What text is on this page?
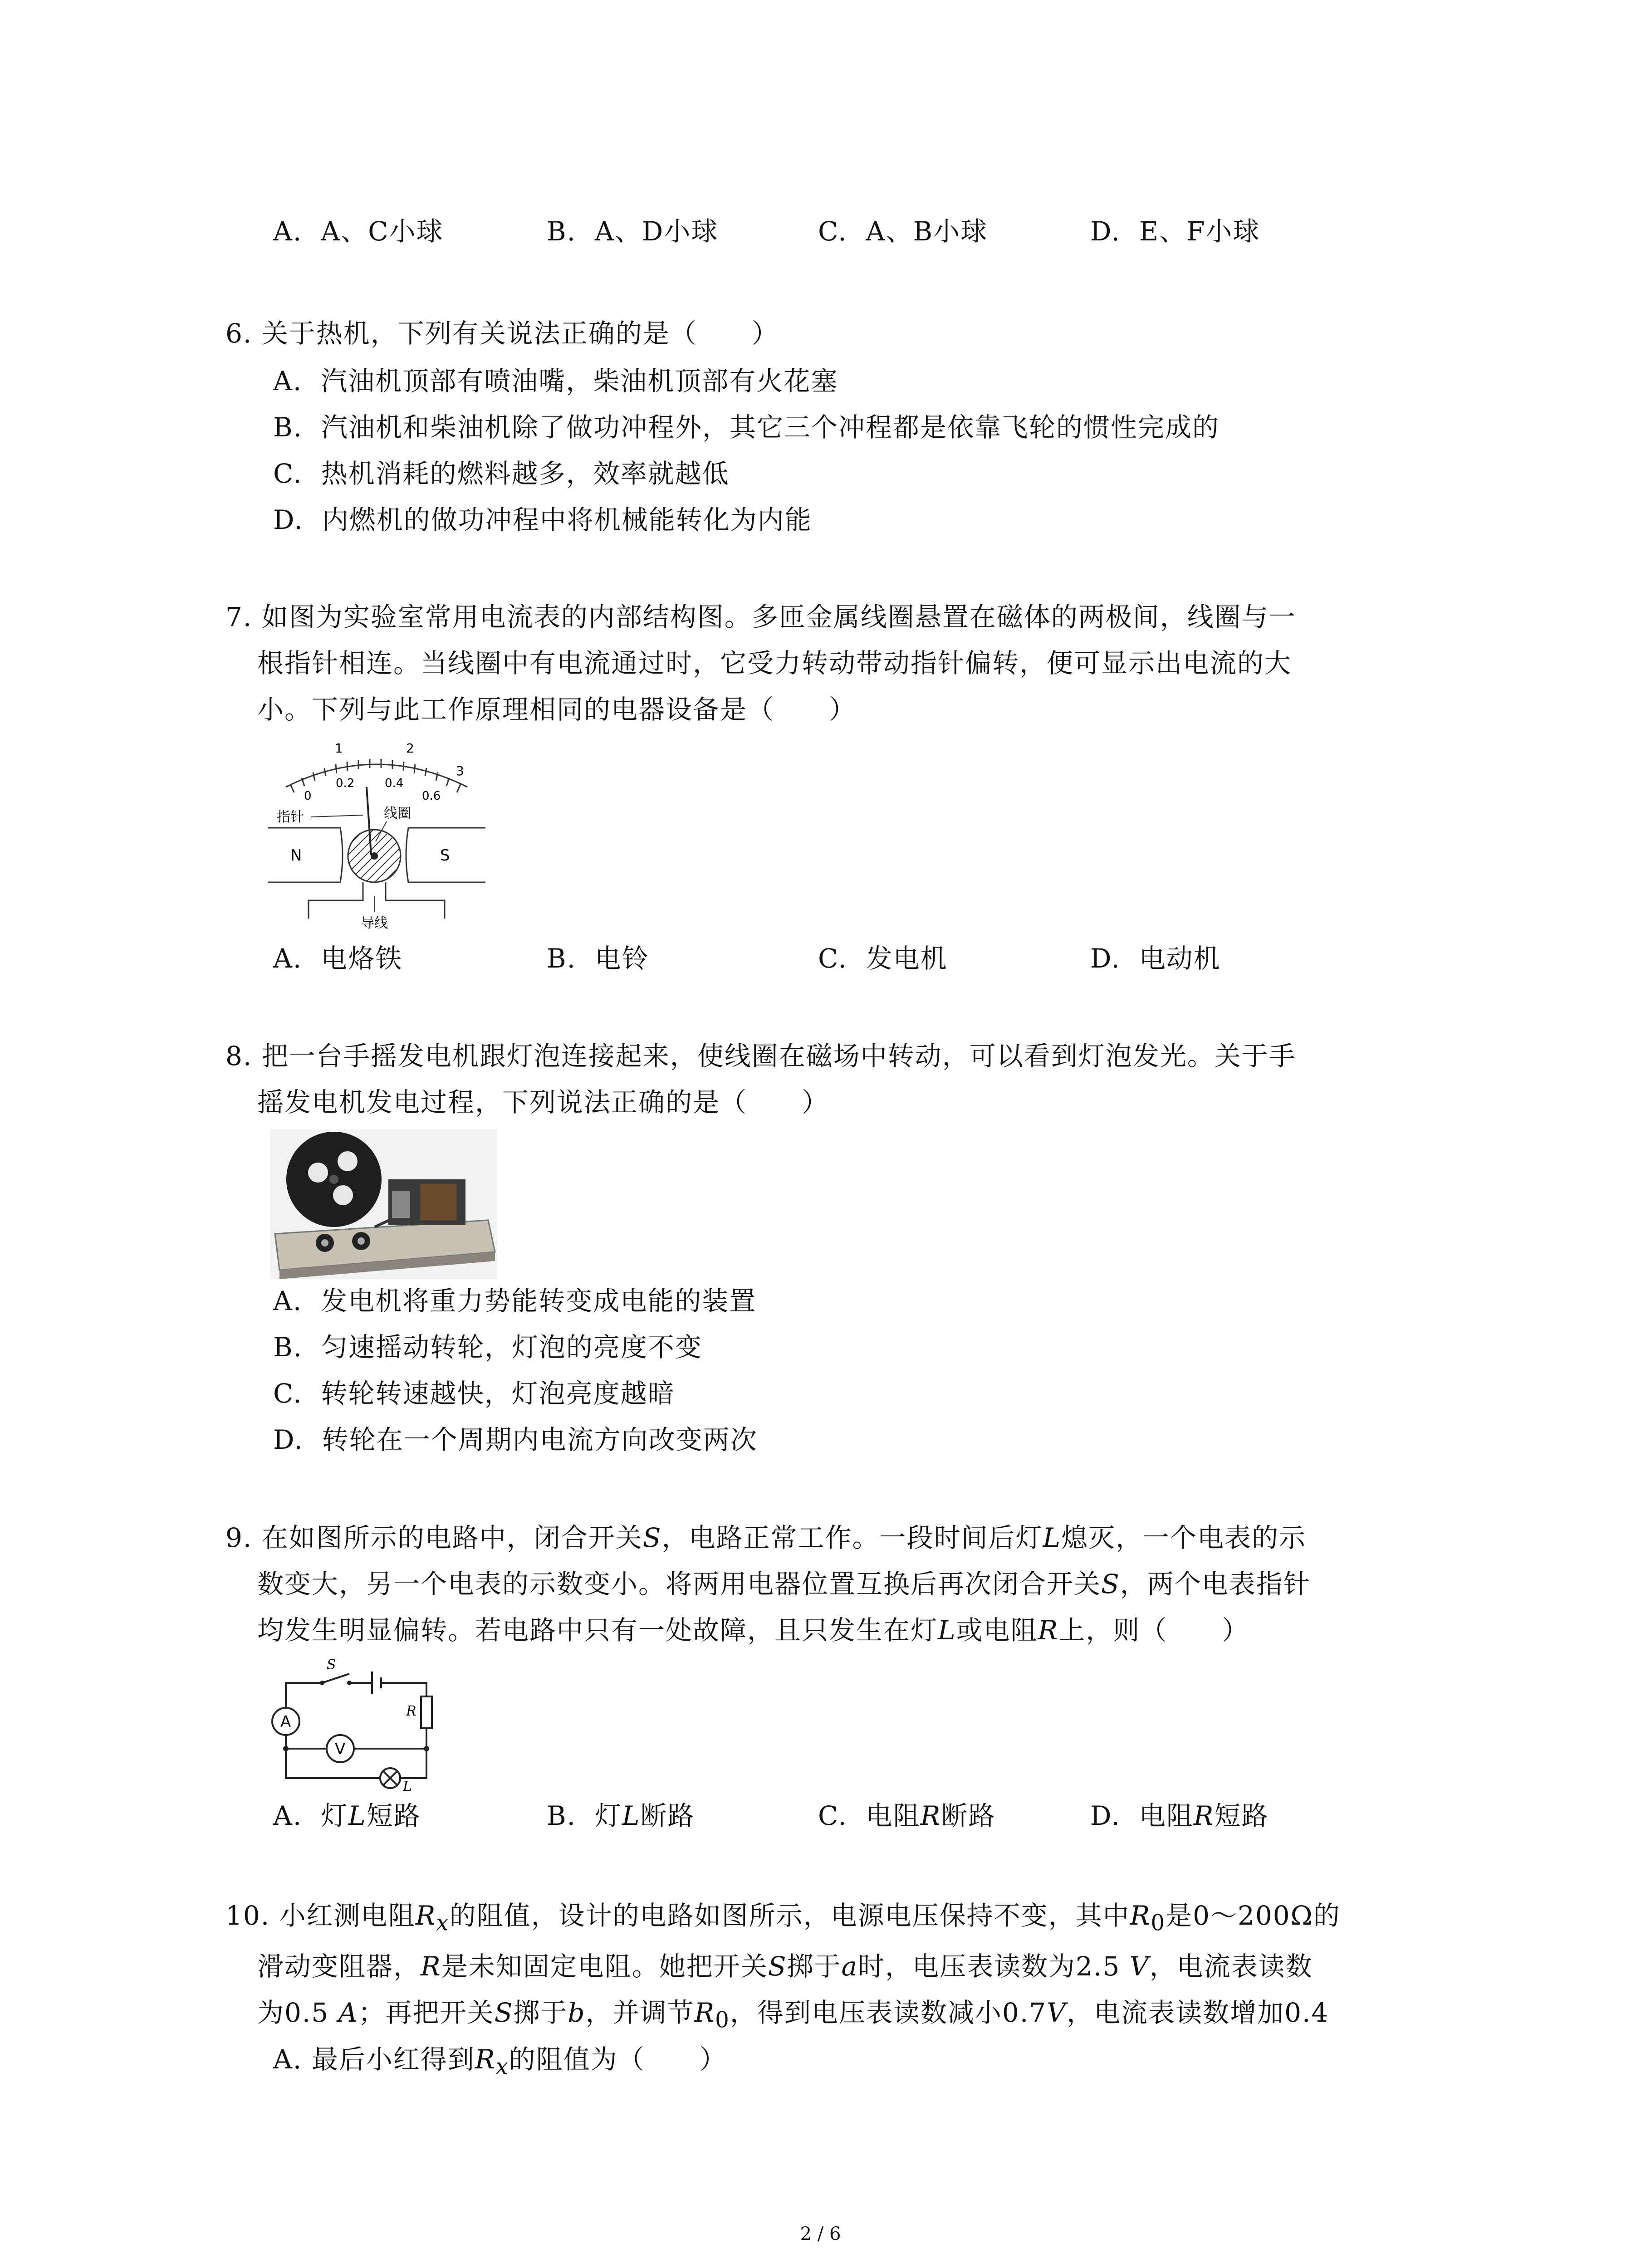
A. A、C小球	B. A、D小球	C. A、B小球	D. E、F小球
6. 关于热机，下列有关说法正确的是（　　）
A. 汽油机顶部有喷油嘴，柴油机顶部有火花塞
B. 汽油机和柴油机除了做功冲程外，其它三个冲程都是依靠飞轮的惯性完成的
C. 热机消耗的燃料越多，效率就越低
D. 内燃机的做功冲程中将机械能转化为内能
7. 如图为实验室常用电流表的内部结构图。多匝金属线圈悬置在磁体的两极间，线圈与一
根指针相连。当线圈中有电流通过时，它受力转动带动指针偏转，便可显示出电流的大
小。下列与此工作原理相同的电器设备是（　　）
1	2
3
0
0.2	0.4
0.6
指针	线圈
N	S
导线
A. 电烙铁	B. 电铃	C. 发电机	D. 电动机
8. 把一台手摇发电机跟灯泡连接起来，使线圈在磁场中转动，可以看到灯泡发光。关于手
摇发电机发电过程，下列说法正确的是（　　）
A. 发电机将重力势能转变成电能的装置
B. 匀速摇动转轮，灯泡的亮度不变
C. 转轮转速越快，灯泡亮度越暗
D. 转轮在一个周期内电流方向改变两次
9. 在如图所示的电路中，闭合开关S，电路正常工作。一段时间后灯L熄灭，一个电表的示
数变大，另一个电表的示数变小。将两用电器位置互换后再次闭合开关S，两个电表指针
均发生明显偏转。若电路中只有一处故障，且只发生在灯L或电阻R上，则（　　）
A
V
S
R
L
A. 灯L短路	B. 灯L断路	C. 电阻R断路	D. 电阻R短路
10. 小红测电阻$R_x$的阻值，设计的电路如图所示，电源电压保持不变，其中$R_0$是0～200Ω的
滑动变阻器，R是未知固定电阻。她把开关S掷于a时，电压表读数为2.5 V，电流表读数
为0.5 A；再把开关S掷于b，并调节$R_0$，得到电压表读数减小0.7V，电流表读数增加0.4
A. 最后小红得到$R_x$的阻值为（　　）
2 / 6
